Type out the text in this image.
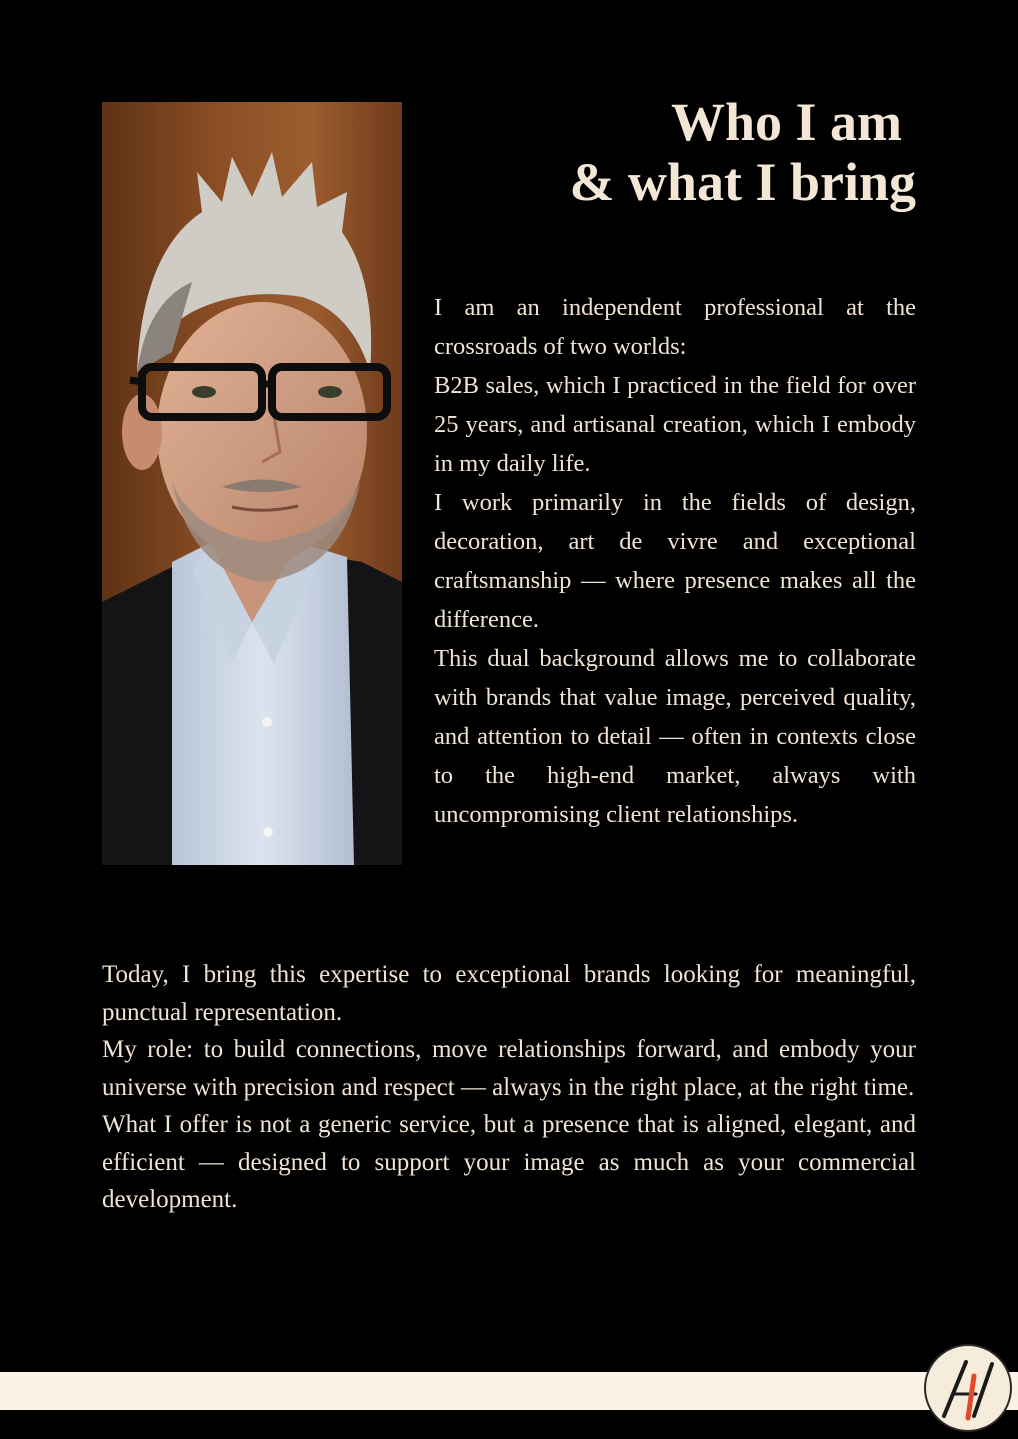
Who I am
& what I bring

I am an independent professional at the crossroads of two worlds:

B2B sales, which I practiced in the field for over 25 years, and artisanal creation, which I embody in my daily life.

I work primarily in the fields of design, decoration, art de vivre and exceptional craftsmanship — where presence makes all the difference.

This dual background allows me to collaborate with brands that value image, perceived quality, and attention to detail — often in contexts close to the high-end market, always with uncompromising client relationships.

Today, I bring this expertise to exceptional brands looking for meaningful, punctual representation.

My role: to build connections, move relationships forward, and embody your universe with precision and respect — always in the right place, at the right time.

What I offer is not a generic service, but a presence that is aligned, elegant, and efficient — designed to support your image as much as your commercial development.
